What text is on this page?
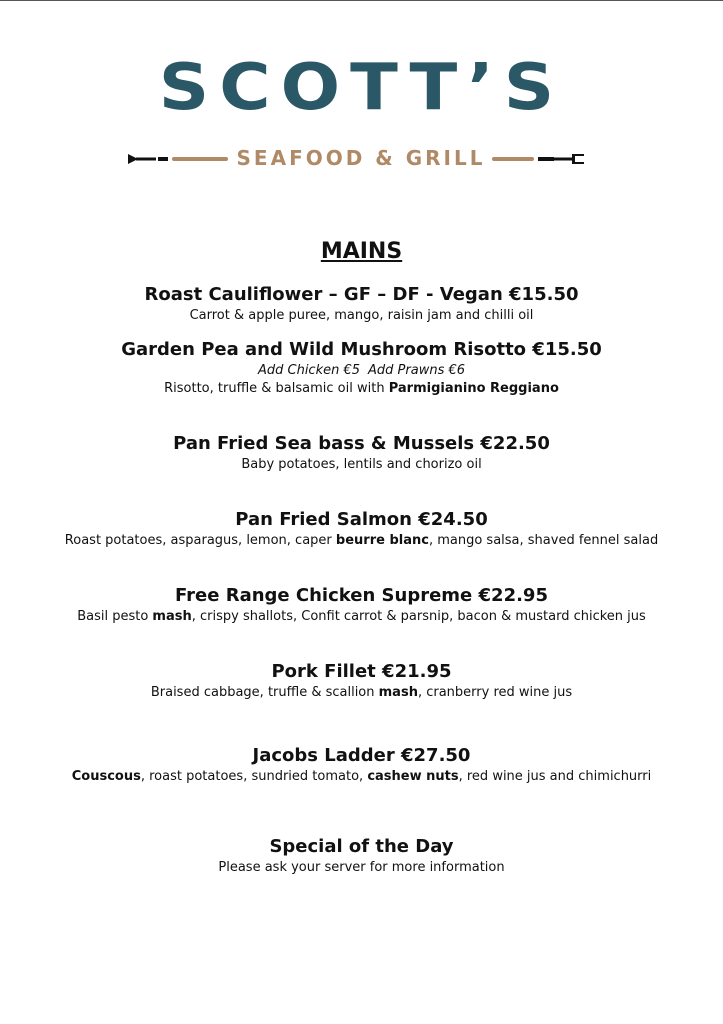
SCOTT’S
SEAFOOD & GRILL
MAINS
Roast Cauliflower – GF – DF - Vegan €15.50
Carrot & apple puree, mango, raisin jam and chilli oil
Garden Pea and Wild Mushroom Risotto €15.50
Add Chicken €5 Add Prawns €6
Risotto, truffle & balsamic oil with Parmigianino Reggiano
Pan Fried Sea bass & Mussels €22.50
Baby potatoes, lentils and chorizo oil
Pan Fried Salmon €24.50
Roast potatoes, asparagus, lemon, caper beurre blanc, mango salsa, shaved fennel salad
Free Range Chicken Supreme €22.95
Basil pesto mash, crispy shallots, Confit carrot & parsnip, bacon & mustard chicken jus
Pork Fillet €21.95
Braised cabbage, truffle & scallion mash, cranberry red wine jus
Jacobs Ladder €27.50
Couscous, roast potatoes, sundried tomato, cashew nuts, red wine jus and chimichurri
Special of the Day
Please ask your server for more information
